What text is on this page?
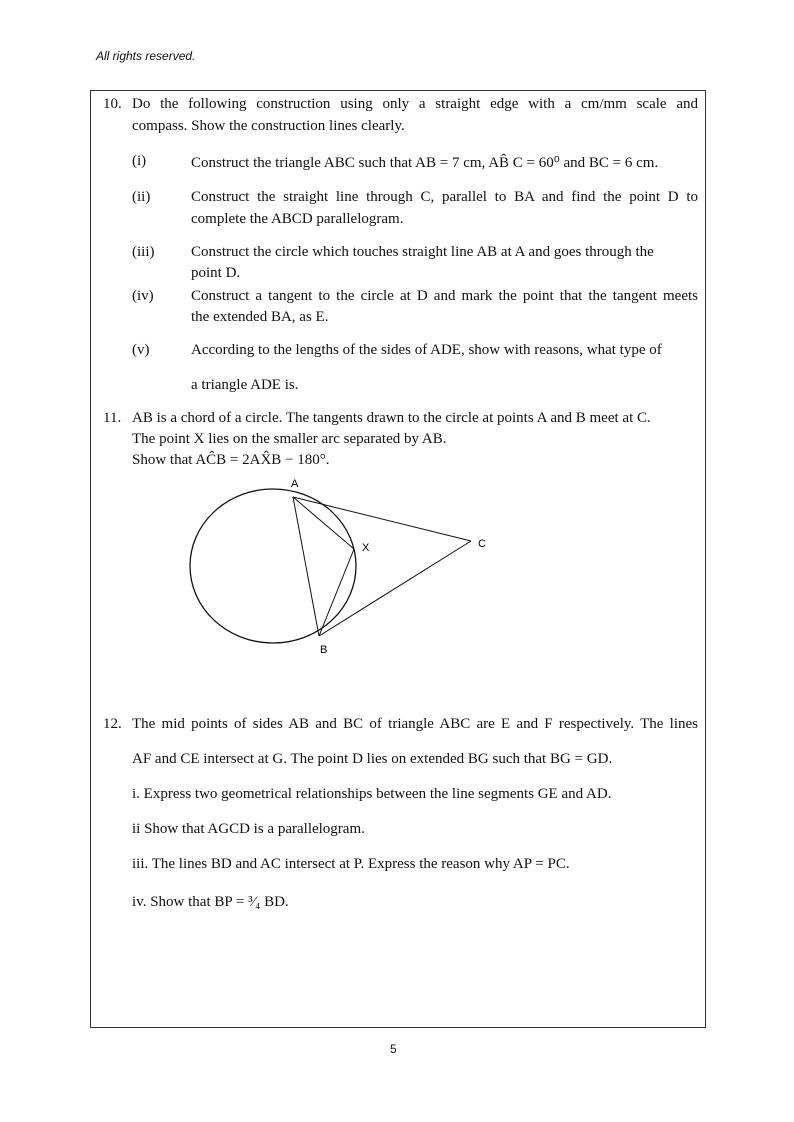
All rights reserved.
10. Do the following construction using only a straight edge with a cm/mm scale and
compass. Show the construction lines clearly.
(i)	Construct the triangle ABC such that AB = 7 cm, AB̂ C = 60⁰ and BC = 6 cm.
(ii)	Construct the straight line through C, parallel to BA and find the point D to
complete the ABCD parallelogram.
(iii) Construct the circle which touches straight line AB at A and goes through the
point D.
(iv) Construct a tangent to the circle at D and mark the point that the tangent meets
the extended BA, as E.
(v)	According to the lengths of the sides of ADE, show with reasons, what type of
a triangle ADE is.
11. AB is a chord of a circle. The tangents drawn to the circle at points A and B meet at C.
The point X lies on the smaller arc separated by AB.
Show that AĈB = 2AX̂B − 180°.
A
X	C
B
12. The mid points of sides AB and BC of triangle ABC are E and F respectively. The lines
AF and CE intersect at G. The point D lies on extended BG such that BG = GD.
i. Express two geometrical relationships between the line segments GE and AD.
ii Show that AGCD is a parallelogram.
iii. The lines BD and AC intersect at P. Express the reason why AP = PC.
iv. Show that BP = ³⁄₄ BD.
5
